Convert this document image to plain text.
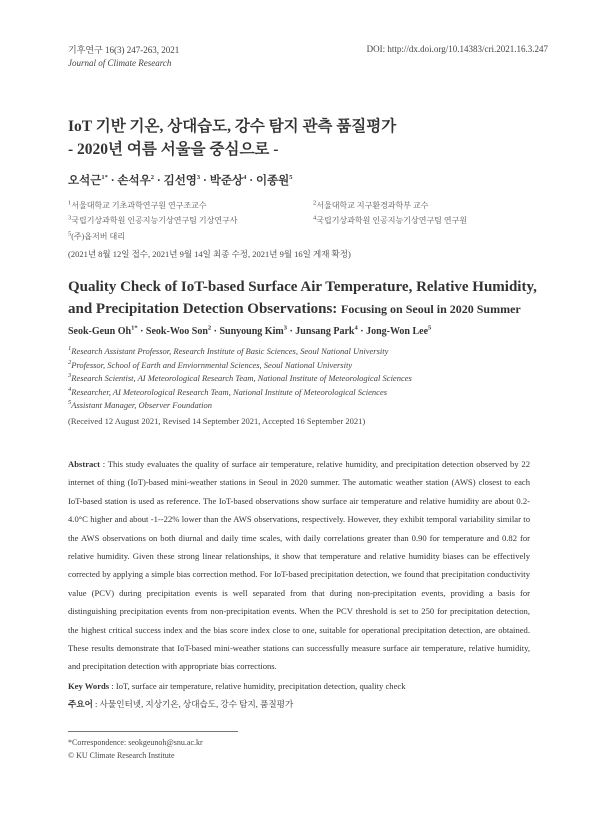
기후연구 16(3) 247-263, 2021
Journal of Climate Research
DOI: http://dx.doi.org/10.14383/cri.2021.16.3.247
IoT 기반 기온, 상대습도, 강수 탐지 관측 품질평가
- 2020년 여름 서울을 중심으로 -
오석근$^{1*}$ · 손석우$^2$ · 김선영$^3$ · 박준상$^4$ · 이종원$^5$
$^1$서울대학교 기초과학연구원 연구조교수	$^2$서울대학교 지구환경과학부 교수
$^3$국립기상과학원 인공지능기상연구팀 기상연구사	$^4$국립기상과학원 인공지능기상연구팀 연구원
$^5$(주)옵저버 대리
(2021년 8월 12일 접수, 2021년 9월 14일 최종 수정, 2021년 9월 16일 게재 확정)
Quality Check of IoT-based Surface Air Temperature, Relative Humidity,
and Precipitation Detection Observations: Focusing on Seoul in 2020 Summer
Seok-Geun $Oh^{1*}$ · Seok-Woo Son$^2$ · Sunyoung Kim$^3$ · Junsang Park$^4$ · Jong-Won Lee$^5$
$^1$Research Assistant Professor, Research Institute of Basic Sciences, Seoul National University
$^2$Professor, School of Earth and Enviornmental Sciences, Seoul National University
$^3$Research Scientist, AI Meteorological Research Team, National Institute of Meteorological Sciences
$^4$Researcher, AI Meteorological Research Team, National Institute of Meteorological Sciences
$^5$Assistant Manager, Observer Foundation
(Received 12 August 2021, Revised 14 September 2021, Accepted 16 September 2021)
Abstract : This study evaluates the quality of surface air temperature, relative humidity, and precipitation detection observed by 22 internet of thing (IoT)-based mini-weather stations in Seoul in 2020 summer. The automatic weather station (AWS) closest to each IoT-based station is used as reference. The IoT-based observations show surface air temperature and relative humidity are about 0.2-4.0°C higher and about -1--22% lower than the AWS observations, respectively. However, they exhibit temporal variability similar to the AWS observations on both diurnal and daily time scales, with daily correlations greater than 0.90 for temperature and 0.82 for relative humidity. Given these strong linear relationships, it show that temperature and relative humidity biases can be effectively corrected by applying a simple bias correction method. For IoT-based precipitation detection, we found that precipitation conductivity value (PCV) during precipitation events is well separated from that during non-precipitation events, providing a basis for distinguishing precipitation events from non-precipitation events. When the PCV threshold is set to 250 for precipitation detection, the highest critical success index and the bias score index close to one, suitable for operational precipitation detection, are obtained. These results demonstrate that IoT-based mini-weather stations can successfully measure surface air temperature, relative humidity, and precipitation detection with appropriate bias corrections.
Key Words : IoT, surface air temperature, relative humidity, precipitation detection, quality check
주요어 : 사물인터넷, 지상기온, 상대습도, 강수 탐지, 품질평가
*Correspondence: seokgeunoh@snu.ac.kr
© KU Climate Research Institute
